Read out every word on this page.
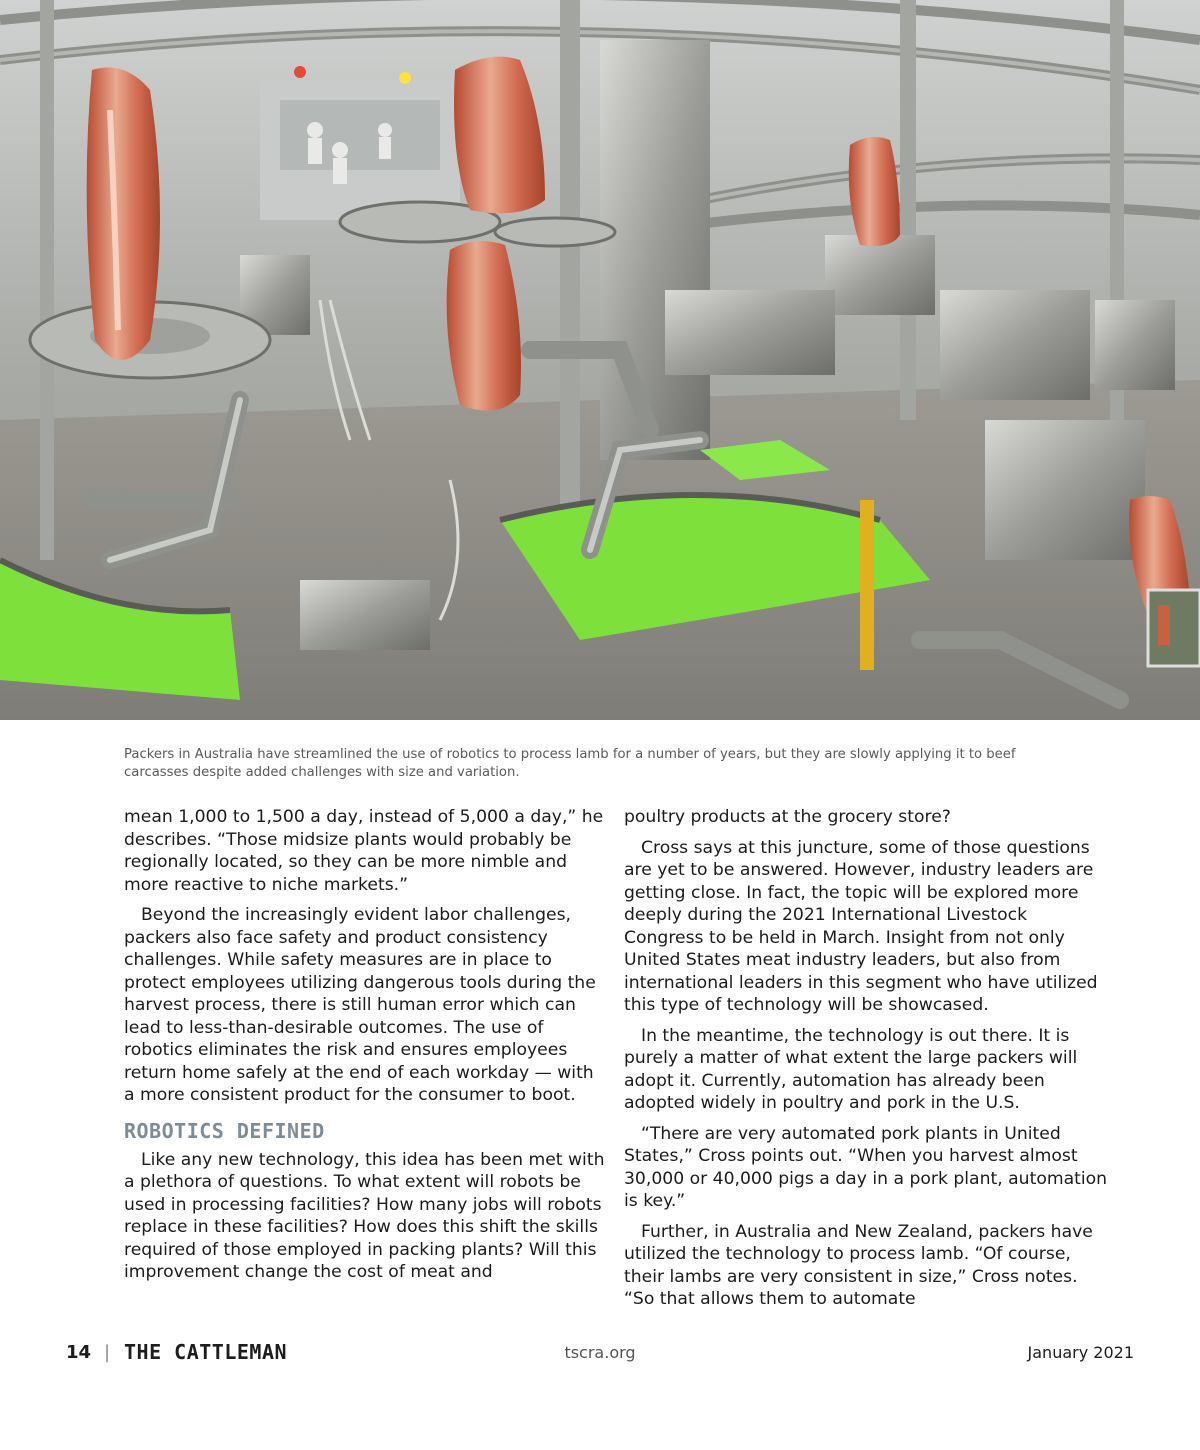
Packers in Australia have streamlined the use of robotics to process lamb for a number of years, but they are slowly applying it to beef carcasses despite added challenges with size and variation.

mean 1,000 to 1,500 a day, instead of 5,000 a day,” he describes. “Those midsize plants would probably be regionally located, so they can be more nimble and more reactive to niche markets.”

Beyond the increasingly evident labor challenges, packers also face safety and product consistency challenges. While safety measures are in place to protect employees utilizing dangerous tools during the harvest process, there is still human error which can lead to less-than-desirable outcomes. The use of robotics eliminates the risk and ensures employees return home safely at the end of each workday — with a more consistent product for the consumer to boot.

ROBOTICS DEFINED

Like any new technology, this idea has been met with a plethora of questions. To what extent will robots be used in processing facilities? How many jobs will robots replace in these facilities? How does this shift the skills required of those employed in packing plants? Will this improvement change the cost of meat and

poultry products at the grocery store?

Cross says at this juncture, some of those questions are yet to be answered. However, industry leaders are getting close. In fact, the topic will be explored more deeply during the 2021 International Livestock Congress to be held in March. Insight from not only United States meat industry leaders, but also from international leaders in this segment who have utilized this type of technology will be showcased.

In the meantime, the technology is out there. It is purely a matter of what extent the large packers will adopt it. Currently, automation has already been adopted widely in poultry and pork in the U.S.

“There are very automated pork plants in United States,” Cross points out. “When you harvest almost 30,000 or 40,000 pigs a day in a pork plant, automation is key.”

Further, in Australia and New Zealand, packers have utilized the technology to process lamb. “Of course, their lambs are very consistent in size,” Cross notes. “So that allows them to automate

14 | THE CATTLEMAN	tscra.org	January 2021
